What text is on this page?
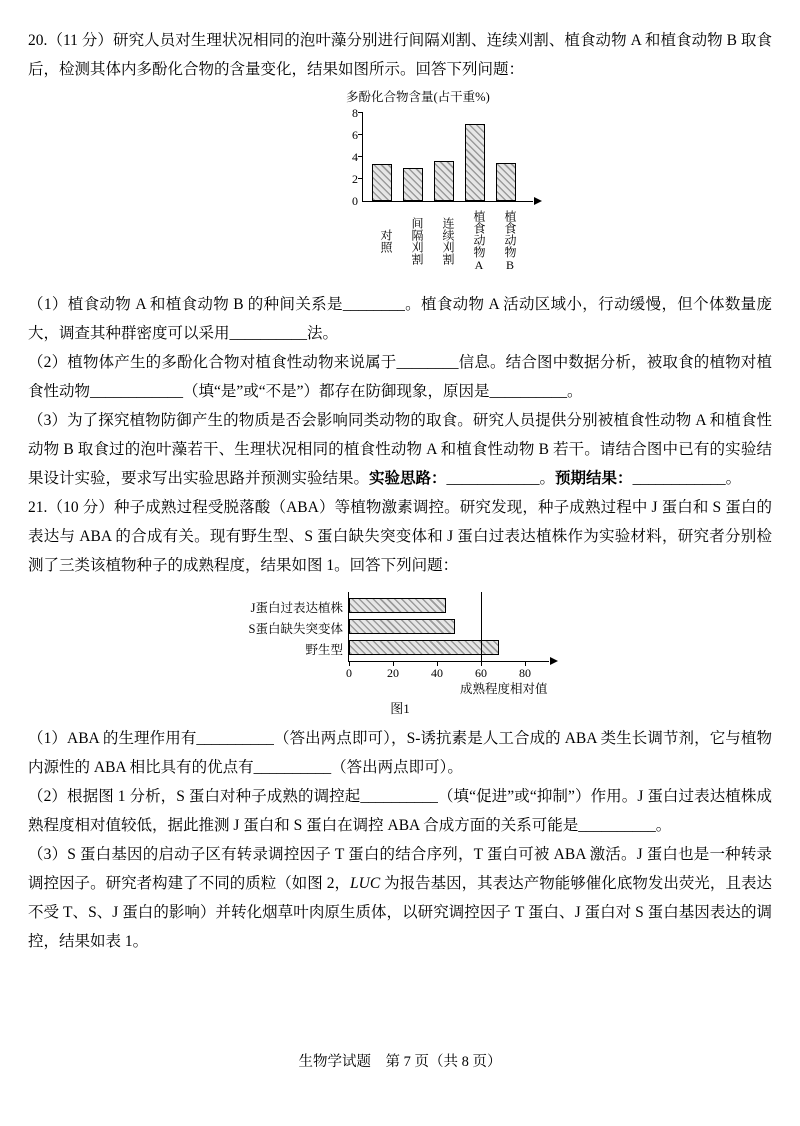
20.（11 分）研究人员对生理状况相同的泡叶藻分别进行间隔刈割、连续刈割、植食动物 A 和植食动物 B 取食后，检测其体内多酚化合物的含量变化，结果如图所示。回答下列问题：

多酚化合物含量(占干重%)
0
2
4
6
8
对照	间隔刈割	连续刈割	植食动物A	植食动物B

（1）植食动物 A 和植食动物 B 的种间关系是________。植食动物 A 活动区域小，行动缓慢，但个体数量庞大，调查其种群密度可以采用__________法。

（2）植物体产生的多酚化合物对植食性动物来说属于________信息。结合图中数据分析，被取食的植物对植食性动物____________（填“是”或“不是”）都存在防御现象，原因是__________。

（3）为了探究植物防御产生的物质是否会影响同类动物的取食。研究人员提供分别被植食性动物 A 和植食性动物 B 取食过的泡叶藻若干、生理状况相同的植食性动物 A 和植食性动物 B 若干。请结合图中已有的实验结果设计实验，要求写出实验思路并预测实验结果。实验思路：____________。预期结果：____________。

21.（10 分）种子成熟过程受脱落酸（ABA）等植物激素调控。研究发现，种子成熟过程中 J 蛋白和 S 蛋白的表达与 ABA 的合成有关。现有野生型、S 蛋白缺失突变体和 J 蛋白过表达植株作为实验材料，研究者分别检测了三类该植物种子的成熟程度，结果如图 1。回答下列问题：

J蛋白过表达植株
S蛋白缺失突变体
野生型
0	20	40	60	80
成熟程度相对值
图1

（1）ABA 的生理作用有__________（答出两点即可），S-诱抗素是人工合成的 ABA 类生长调节剂，它与植物内源性的 ABA 相比具有的优点有__________（答出两点即可）。

（2）根据图 1 分析，S 蛋白对种子成熟的调控起__________（填“促进”或“抑制”）作用。J 蛋白过表达植株成熟程度相对值较低，据此推测 J 蛋白和 S 蛋白在调控 ABA 合成方面的关系可能是__________。

（3）S 蛋白基因的启动子区有转录调控因子 T 蛋白的结合序列，T 蛋白可被 ABA 激活。J 蛋白也是一种转录调控因子。研究者构建了不同的质粒（如图 2，LUC 为报告基因，其表达产物能够催化底物发出荧光，且表达不受 T、S、J 蛋白的影响）并转化烟草叶肉原生质体，以研究调控因子 T 蛋白、J 蛋白对 S 蛋白基因表达的调控，结果如表 1。

生物学试题　第 7 页（共 8 页）
